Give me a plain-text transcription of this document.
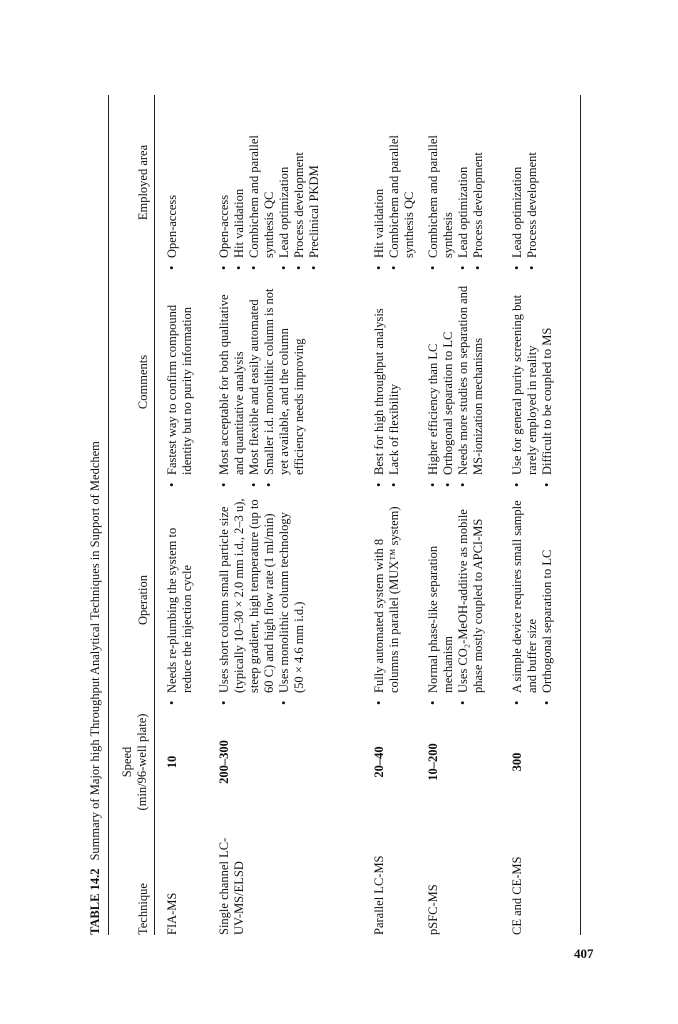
TABLE 14.2Summary of Major high Throughput Analytical Techniques in Support of Medchem
Technique
Speed (min/96-well plate)
Operation
Comments
Employed area
FIA-MS
10
• Needs re-plumbing the system to reduce the injection cycle
• Fastest way to confirm compound identity but no purity information
• Open-access
Single channel LC-UV-MS/ELSD
200–300
• Uses short column small particle size (typically 10–30 × 2.0 mm i.d., 2–3 u), steep gradient, high temperature (up to 60 C) and high flow rate (1 ml/min) • Uses monolithic column technology (50 × 4.6 mm i.d.)
• Most acceptable for both qualitative and quantitative analysis • Most flexible and easily automated • Smaller i.d. monolithic column is not yet available, and the column efficiency needs improving
• Open-access • Hit validation • Combichem and parallel synthesis QC • Lead optimization • Process development • Preclinical PKDM
Parallel LC-MS
20–40
• Fully automated system with 8 columns in parallel (MUX™ system)
• Best for high throughput analysis • Lack of flexibility
• Hit validation • Combichem and parallel synthesis QC
pSFC-MS
10–200
• Normal phase-like separation mechanism • Uses CO₂-MeOH-additive as mobile phase mostly coupled to APCI-MS
• Higher efficiency than LC • Orthogonal separation to LC • Needs more studies on separation and MS-ionization mechanisms
• Combichem and parallel synthesis • Lead optimization • Process development
CE and CE-MS
300
• A simple device requires small sample and buffer size • Orthogonal separation to LC
• Use for general purity screening but rarely employed in reality • Difficult to be coupled to MS
• Lead optimization • Process development
407
